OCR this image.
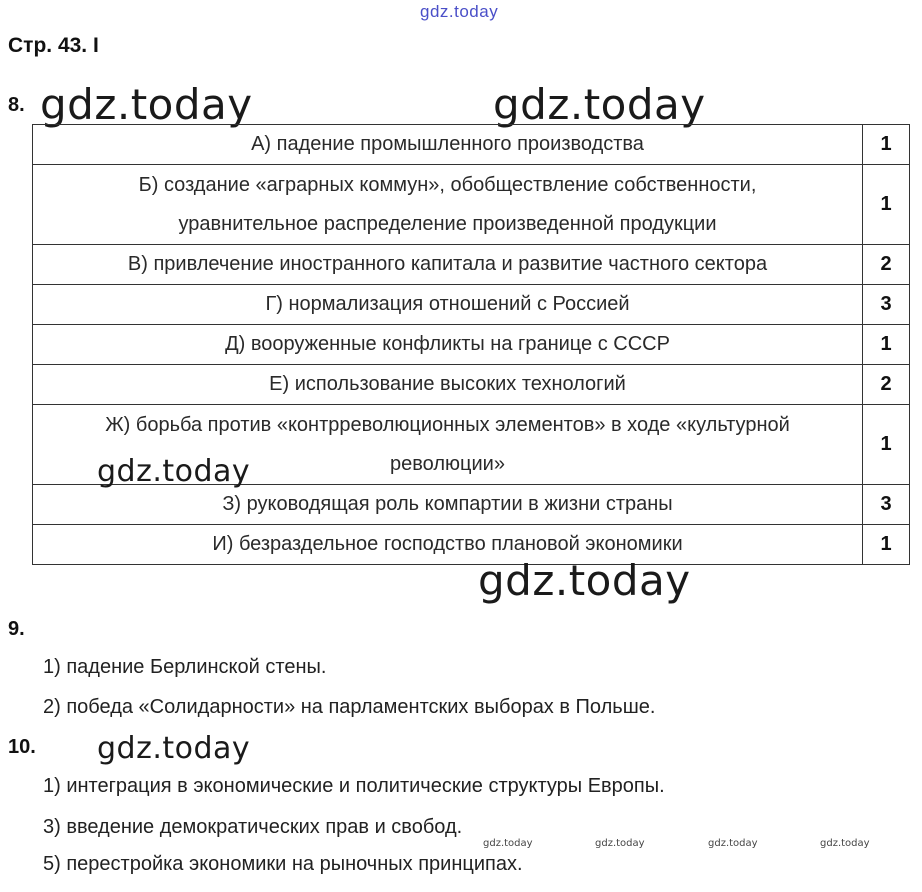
gdz.today
Стр. 43. I
8. gdz.today	gdz.today
А) падение промышленного производства	1
Б) создание «аграрных коммун», обобществление собственности,
уравнительное распределение произведенной продукции	1
В) привлечение иностранного капитала и развитие частного сектора	2
Г) нормализация отношений с Россией	3
Д) вооруженные конфликты на границе с СССР	1
Е) использование высоких технологий	2
Ж) борьба против «контрреволюционных элементов» в ходе «культурной
революции»	1
З) руководящая роль компартии в жизни страны	3
И) безраздельное господство плановой экономики	1
gdz.today
gdz.today
9.
1) падение Берлинской стены.
2) победа «Солидарности» на парламентских выборах в Польше.
10. gdz.today
1) интеграция в экономические и политические структуры Европы.
3) введение демократических прав и свобод.
5) перестройка экономики на рыночных принципах.
gdz.today	gdz.today	gdz.today	gdz.today
